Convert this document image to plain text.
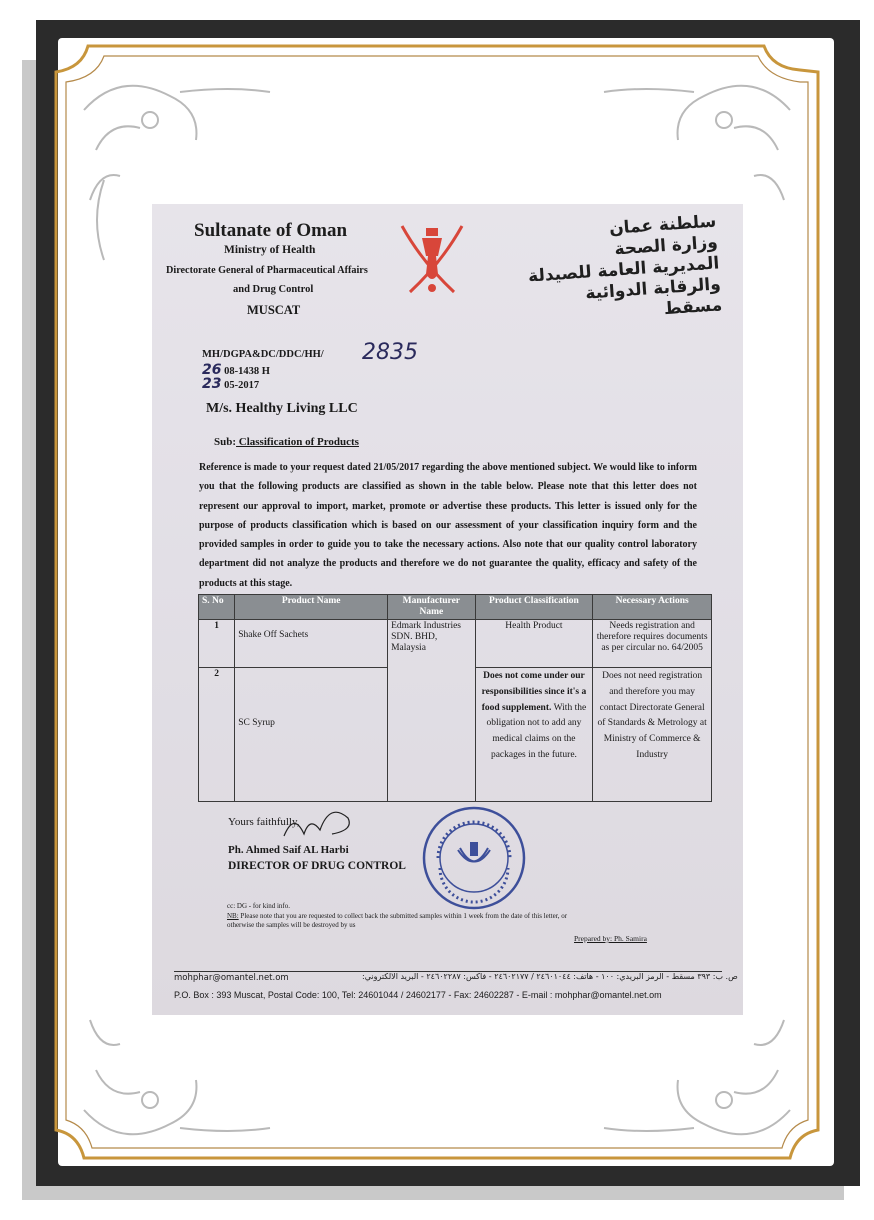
Sultanate of Oman
Ministry of Health
Directorate General of Pharmaceutical Affairs
and Drug Control
MUSCAT
سلطنة عمان
وزارة الصحة
المديرية العامة للصيدلة
والرقابة الدوائية
مسقط
MH/DGPA&DC/DDC/HH/ 2835
26 08-1438 H
23 05-2017
M/s. Healthy Living LLC
Sub: Classification of Products
Reference is made to your request dated 21/05/2017 regarding the above mentioned subject. We would like to inform you that the following products are classified as shown in the table below. Please note that this letter does not represent our approval to import, market, promote or advertise these products. This letter is issued only for the purpose of products classification which is based on our assessment of your classification inquiry form and the provided samples in order to guide you to take the necessary actions. Also note that our quality control laboratory department did not analyze the products and therefore we do not guarantee the quality, efficacy and safety of the products at this stage.
S. No	Product Name	Manufacturer Name	Product Classification	Necessary Actions
1	Shake Off Sachets	Edmark Industries SDN. BHD, Malaysia	Health Product	Needs registration and therefore requires documents as per circular no. 64/2005
2	SC Syrup		Does not come under our responsibilities since it's a food supplement. With the obligation not to add any medical claims on the packages in the future.	Does not need registration and therefore you may contact Directorate General of Standards & Metrology at Ministry of Commerce & Industry
Yours faithfully,
Ph. Ahmed Saif AL Harbi
DIRECTOR OF DRUG CONTROL
cc: DG - for kind info.
NB: Please note that you are requested to collect back the submitted samples within 1 week from the date of this letter, or
otherwise the samples will be destroyed by us
Prepared by: Ph. Samira
mohphar@omantel.net.om	ص. ب: ٣٩٣ مسقط - الرمز البريدي: ١٠٠ - هاتف: ٢٤٦٠١٠٤٤ / ٢٤٦٠٢١٧٧ - فاكس: ٢٤٦٠٢٢٨٧ - البريد الالكتروني:
P.O. Box : 393 Muscat, Postal Code: 100, Tel: 24601044 / 24602177 - Fax: 24602287 - E-mail : mohphar@omantel.net.om
